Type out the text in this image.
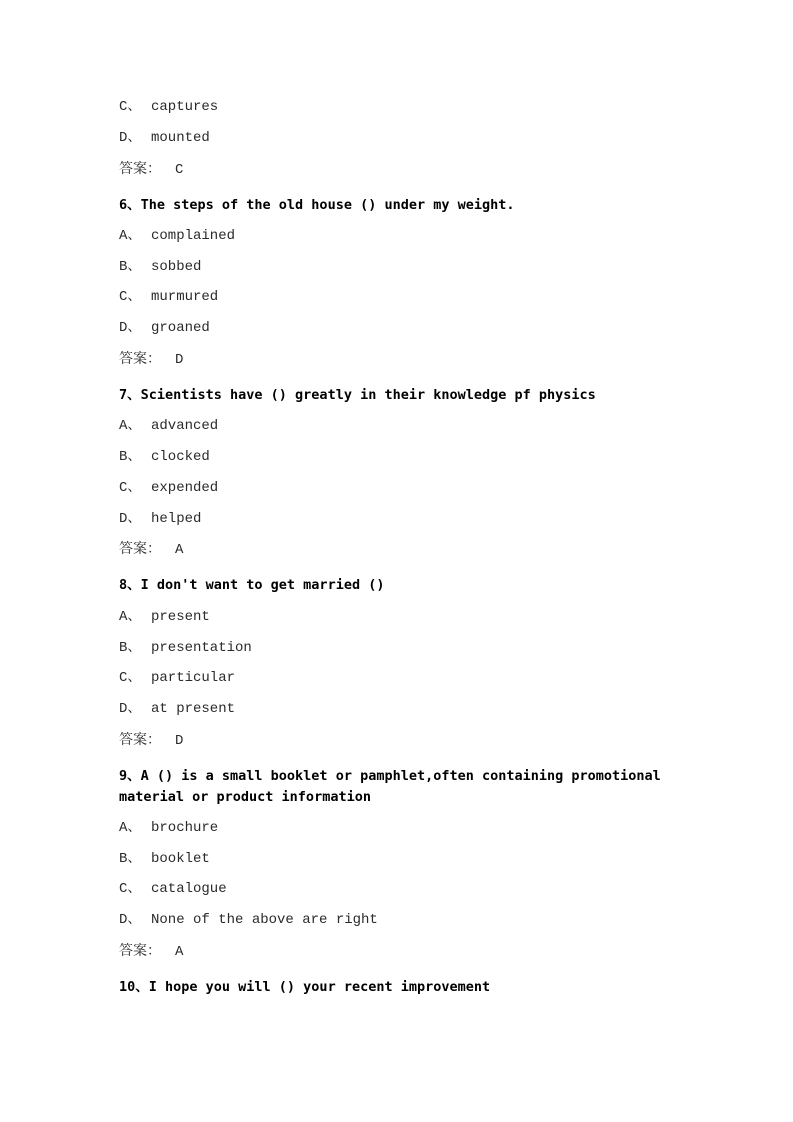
C、 captures
D、 mounted
答案： C
6、The steps of the old house () under my weight.
A、 complained
B、 sobbed
C、 murmured
D、 groaned
答案： D
7、Scientists have () greatly in their knowledge pf physics
A、 advanced
B、 clocked
C、 expended
D、 helped
答案： A
8、I don't want to get married ()
A、 present
B、 presentation
C、 particular
D、 at present
答案： D
9、A () is a small booklet or pamphlet,often containing promotional material or product information
A、 brochure
B、 booklet
C、 catalogue
D、 None of the above are right
答案： A
10、I hope you will () your recent improvement
